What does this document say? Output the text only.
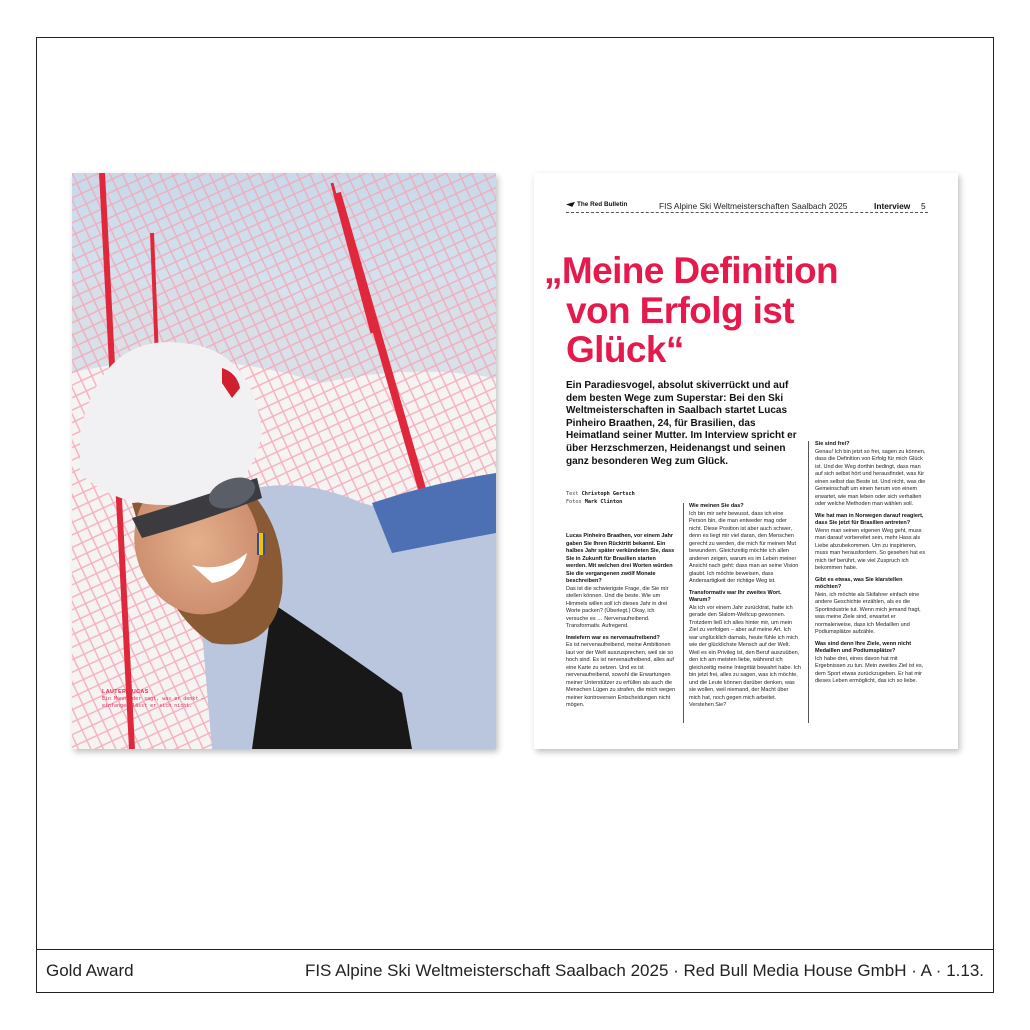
Gold Award	FIS Alpine Ski Weltmeisterschaft Saalbach 2025 · Red Bull Media House GmbH · A · 1.13.
LAUTER LUCAS
Ein Mann, der sagt, was er denkt – einfangen lässt er sich nicht.
The Red Bulletin	FIS Alpine Ski Weltmeisterschaften Saalbach 2025	Interview 5
„Meine Definition
von Erfolg ist
Glück“
Ein Paradiesvogel, absolut skiverrückt und auf dem besten Wege zum Superstar: Bei den Ski Weltmeisterschaften in Saalbach startet Lucas Pinheiro Braathen, 24, für Brasilien, das Heimatland seiner Mutter. Im Interview spricht er über Herzschmerzen, Heidenangst und seinen ganz besonderen Weg zum Glück.
Text Christoph Gertsch
Fotos Mark Clinton

Lucas Pinheiro Braathen, vor einem Jahr gaben Sie Ihren Rücktritt bekannt. Ein halbes Jahr später verkündeten Sie, dass Sie in Zukunft für Brasilien starten werden. Mit welchen drei Worten würden Sie die vergangenen zwölf Monate beschreiben?
Das ist die schwierigste Frage, die Sie mir stellen können. Und die beste. Wie um Himmels willen soll ich dieses Jahr in drei Worte packen? (Überlegt.) Okay, ich versuche es … Nervenaufreibend. Transformativ. Aufregend.

Inwiefern war es nervenaufreibend?
Es ist nervenaufreibend, meine Ambitionen laut vor der Welt auszusprechen, weil sie so hoch sind. Es ist nervenaufreibend, alles auf eine Karte zu setzen. Und es ist nervenaufreibend, sowohl die Erwartungen meiner Unterstützer zu erfüllen als auch die Menschen Lügen zu strafen, die mich wegen meiner kontroversen Entscheidungen nicht mögen.

Wie meinen Sie das?
Ich bin mir sehr bewusst, dass ich eine Person bin, die man entweder mag oder nicht. Diese Position ist aber auch schwer, denn es liegt mir viel daran, den Menschen gerecht zu werden, die mich für meinen Mut bewundern. Gleichzeitig möchte ich allen anderen zeigen, warum es im Leben meiner Ansicht nach geht: dass man an seine Vision glaubt. Ich möchte beweisen, dass Andersartigkeit der richtige Weg ist.

Transformativ war Ihr zweites Wort. Warum?
Als ich vor einem Jahr zurücktrat, hatte ich gerade den Slalom-Weltcup gewonnen. Trotzdem ließ ich alles hinter mir, um mein Ziel zu verfolgen – aber auf meine Art. Ich war unglücklich damals, heute fühle ich mich wie der glücklichste Mensch auf der Welt. Weil es ein Privileg ist, den Beruf auszuüben, den ich am meisten liebe, während ich gleichzeitig meine Integrität bewahrt habe. Ich bin jetzt frei, alles zu sagen, was ich möchte, und die Leute können darüber denken, was sie wollen, weil niemand, der Macht über mich hat, noch gegen mich arbeitet. Verstehen Sie?

Sie sind frei?
Genau! Ich bin jetzt so frei, sagen zu können, dass die Definition von Erfolg für mich Glück ist. Und der Weg dorthin bedingt, dass man auf sich selbst hört und herausfindet, was für einen selbst das Beste ist. Und nicht, was die Gemeinschaft um einen herum von einem erwartet, wie man leben oder sich verhalten oder welche Methoden man wählen soll.

Wie hat man in Norwegen darauf reagiert, dass Sie jetzt für Brasilien antreten?
Wenn man seinen eigenen Weg geht, muss man darauf vorbereitet sein, mehr Hass als Liebe abzubekommen. Um zu inspirieren, muss man herausfordern. So gesehen hat es mich tief berührt, wie viel Zuspruch ich bekommen habe.

Gibt es etwas, was Sie klarstellen möchten?
Nein, ich möchte als Skifahrer einfach eine andere Geschichte erzählen, als es die Sportindustrie tut. Wenn mich jemand fragt, was meine Ziele sind, erwartet er normalerweise, dass ich Medaillen und Podiumsplätze aufzähle.

Was sind denn Ihre Ziele, wenn nicht Medaillen und Podiumsplätze?
Ich habe drei, eines davon hat mit Ergebnissen zu tun. Mein zweites Ziel ist es, dem Sport etwas zurückzugeben. Er hat mir dieses Leben ermöglicht, das ich so liebe.
